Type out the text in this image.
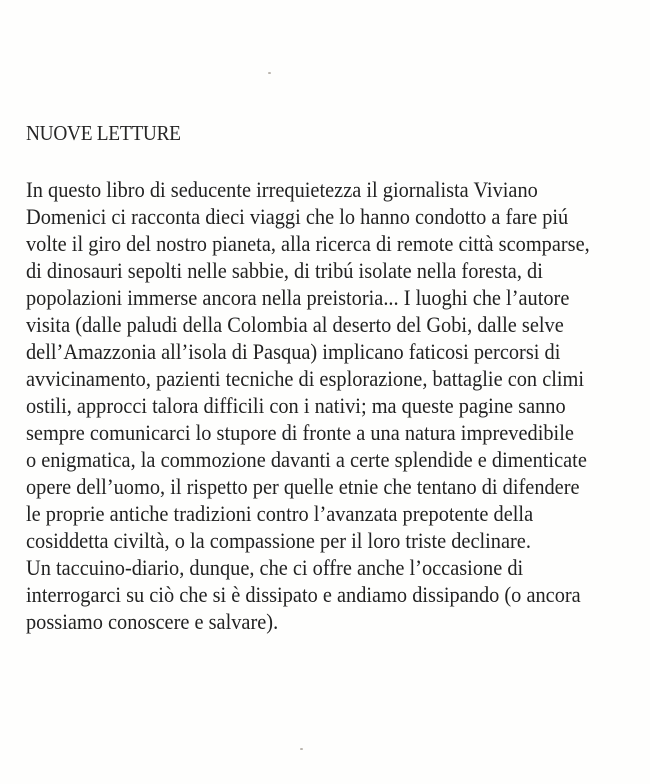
NUOVE LETTURE
In questo libro di seducente irrequietezza il giornalista Viviano
Domenici ci racconta dieci viaggi che lo hanno condotto a fare piú
volte il giro del nostro pianeta, alla ricerca di remote città scomparse,
di dinosauri sepolti nelle sabbie, di tribú isolate nella foresta, di
popolazioni immerse ancora nella preistoria... I luoghi che l’autore
visita (dalle paludi della Colombia al deserto del Gobi, dalle selve
dell’Amazzonia all’isola di Pasqua) implicano faticosi percorsi di
avvicinamento, pazienti tecniche di esplorazione, battaglie con climi
ostili, approcci talora difficili con i nativi; ma queste pagine sanno
sempre comunicarci lo stupore di fronte a una natura imprevedibile
o enigmatica, la commozione davanti a certe splendide e dimenticate
opere dell’uomo, il rispetto per quelle etnie che tentano di difendere
le proprie antiche tradizioni contro l’avanzata prepotente della
cosiddetta civiltà, o la compassione per il loro triste declinare.
Un taccuino-diario, dunque, che ci offre anche l’occasione di
interrogarci su ciò che si è dissipato e andiamo dissipando (o ancora
possiamo conoscere e salvare).
